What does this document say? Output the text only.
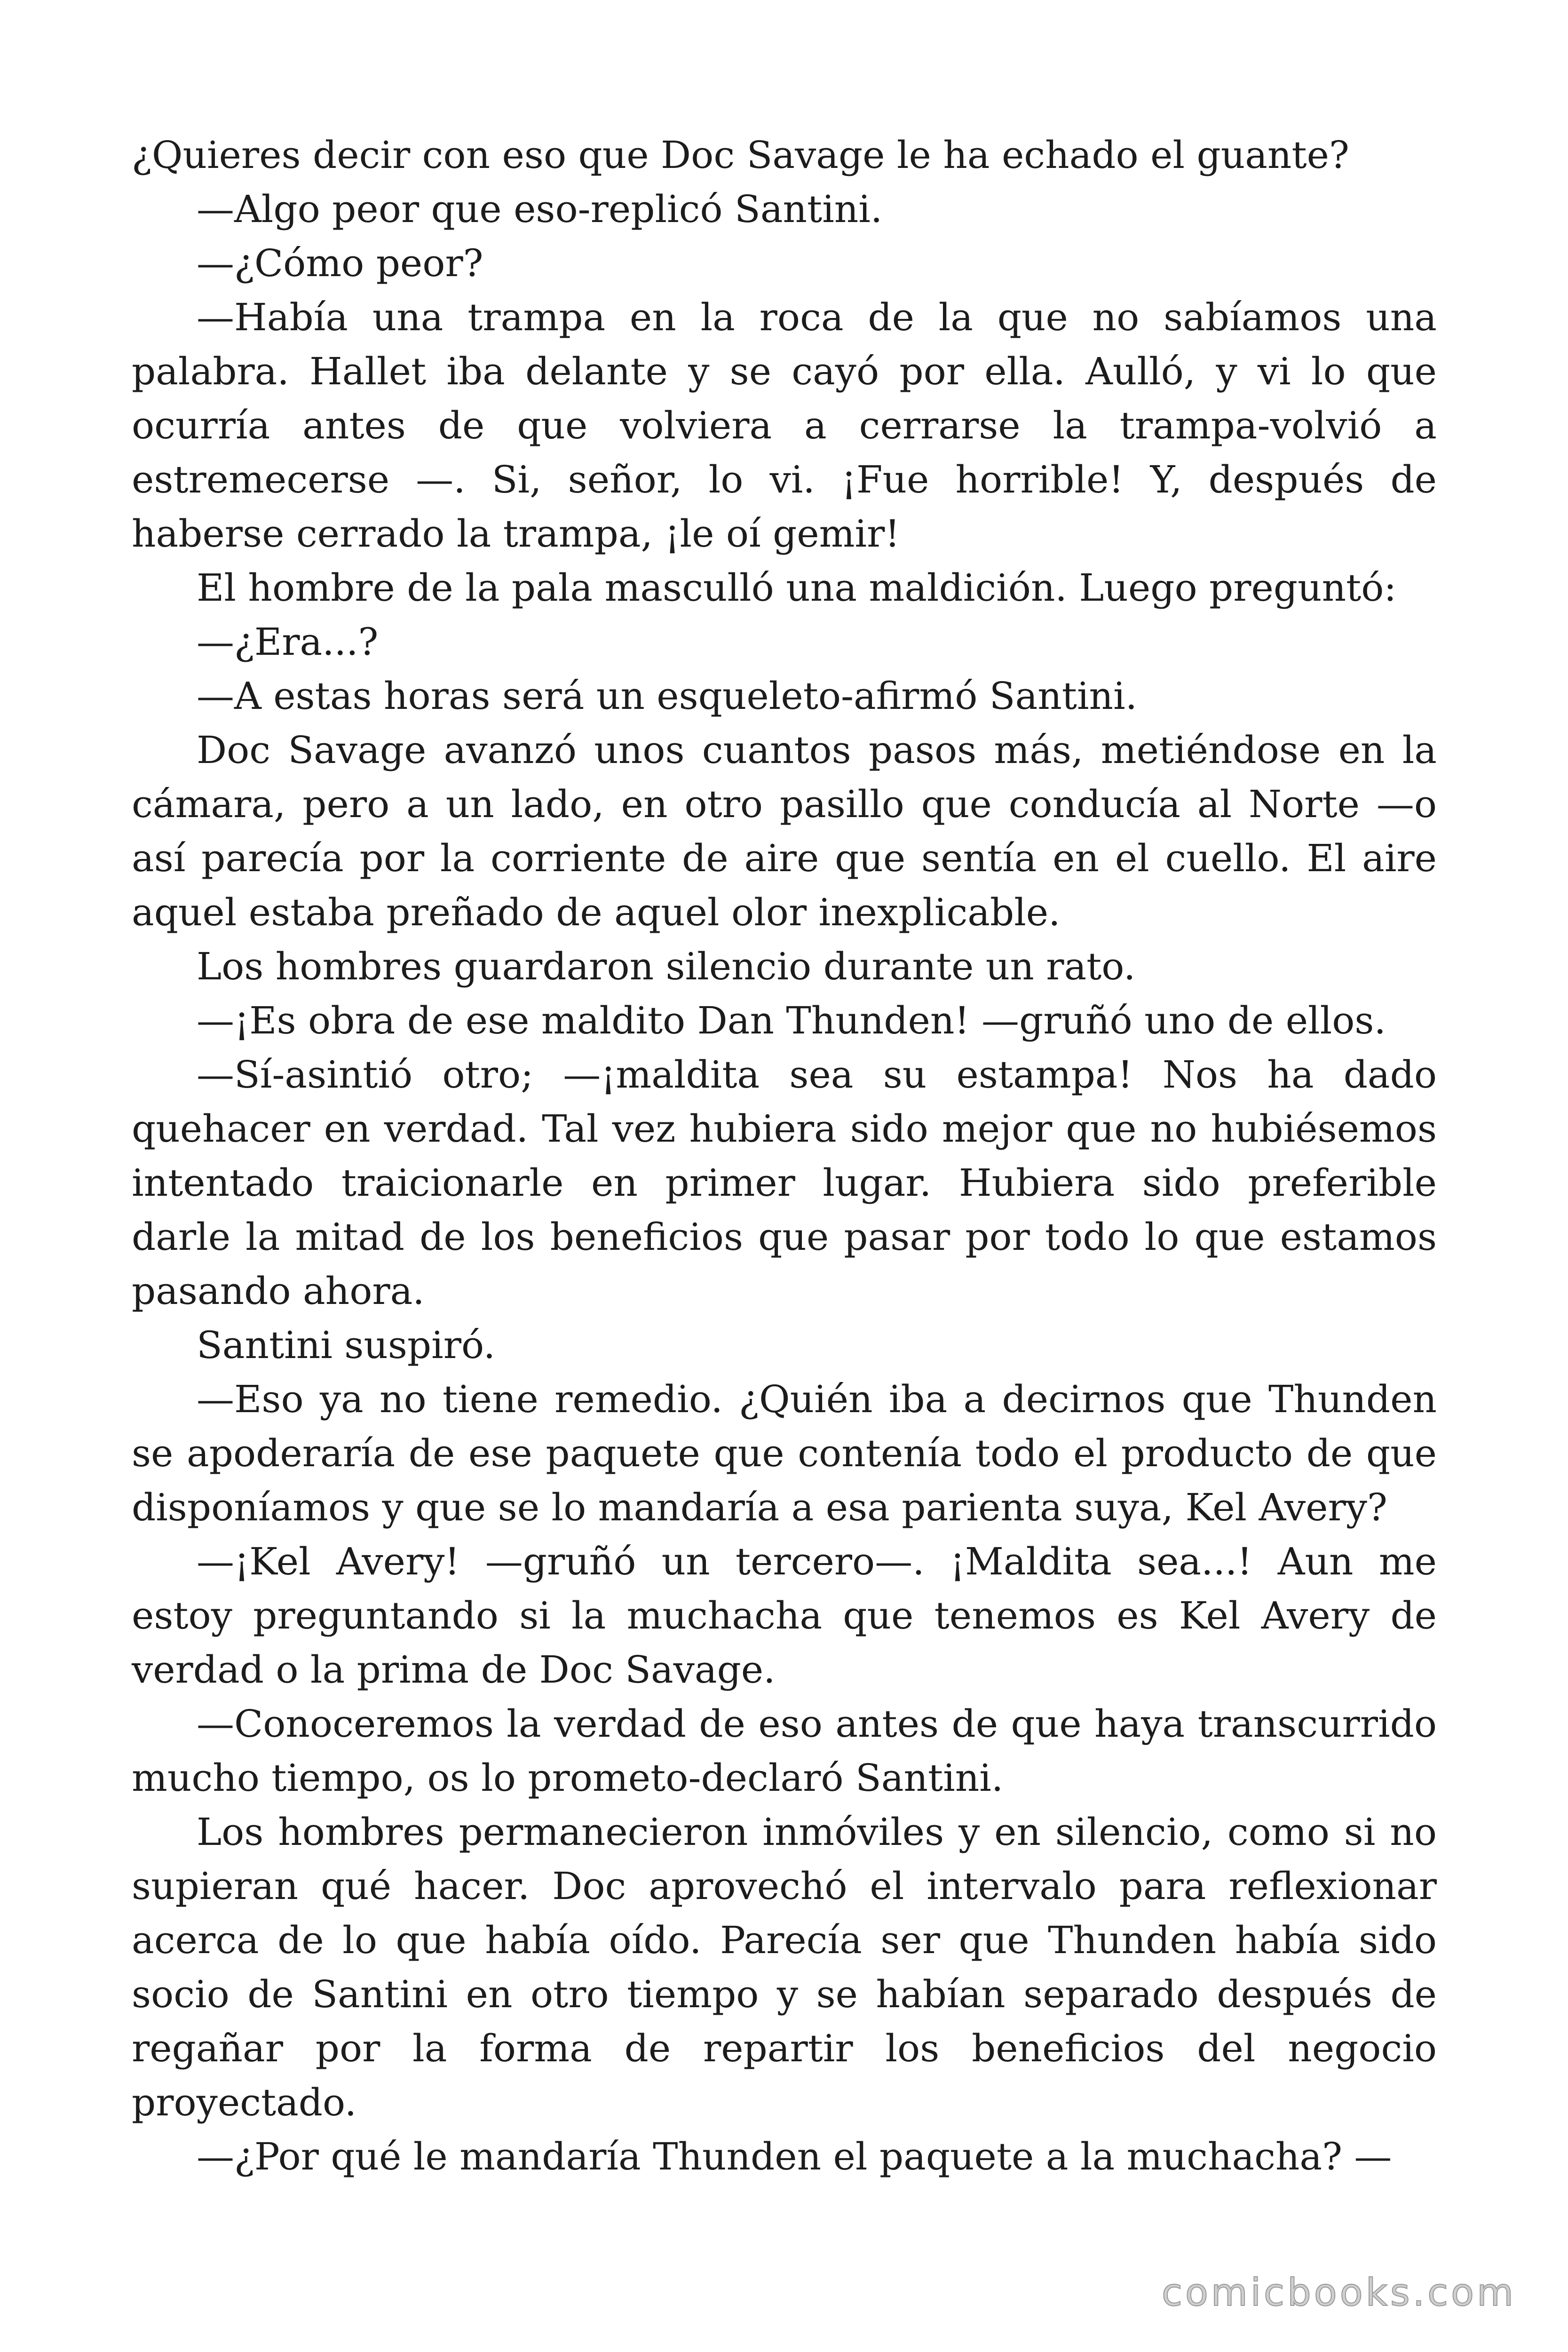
¿Quieres decir con eso que Doc Savage le ha echado el guante?

—Algo peor que eso-replicó Santini.

—¿Cómo peor?

—Había una trampa en la roca de la que no sabíamos una palabra. Hallet iba delante y se cayó por ella. Aulló, y vi lo que ocurría antes de que volviera a cerrarse la trampa-volvió a estremecerse —. Si, señor, lo vi. ¡Fue horrible! Y, después de haberse cerrado la trampa, ¡le oí gemir!

El hombre de la pala masculló una maldición. Luego preguntó:

—¿Era...?

—A estas horas será un esqueleto-afirmó Santini.

Doc Savage avanzó unos cuantos pasos más, metiéndose en la cámara, pero a un lado, en otro pasillo que conducía al Norte —o así parecía por la corriente de aire que sentía en el cuello. El aire aquel estaba preñado de aquel olor inexplicable.

Los hombres guardaron silencio durante un rato.

—¡Es obra de ese maldito Dan Thunden! —gruñó uno de ellos.

—Sí-asintió otro; —¡maldita sea su estampa! Nos ha dado quehacer en verdad. Tal vez hubiera sido mejor que no hubiésemos intentado traicionarle en primer lugar. Hubiera sido preferible darle la mitad de los beneficios que pasar por todo lo que estamos pasando ahora.

Santini suspiró.

—Eso ya no tiene remedio. ¿Quién iba a decirnos que Thunden se apoderaría de ese paquete que contenía todo el producto de que disponíamos y que se lo mandaría a esa parienta suya, Kel Avery?

—¡Kel Avery! —gruñó un tercero—. ¡Maldita sea...! Aun me estoy preguntando si la muchacha que tenemos es Kel Avery de verdad o la prima de Doc Savage.

—Conoceremos la verdad de eso antes de que haya transcurrido mucho tiempo, os lo prometo-declaró Santini.

Los hombres permanecieron inmóviles y en silencio, como si no supieran qué hacer. Doc aprovechó el intervalo para reflexionar acerca de lo que había oído. Parecía ser que Thunden había sido socio de Santini en otro tiempo y se habían separado después de regañar por la forma de repartir los beneficios del negocio proyectado.

—¿Por qué le mandaría Thunden el paquete a la muchacha? —

comicbooks.com
